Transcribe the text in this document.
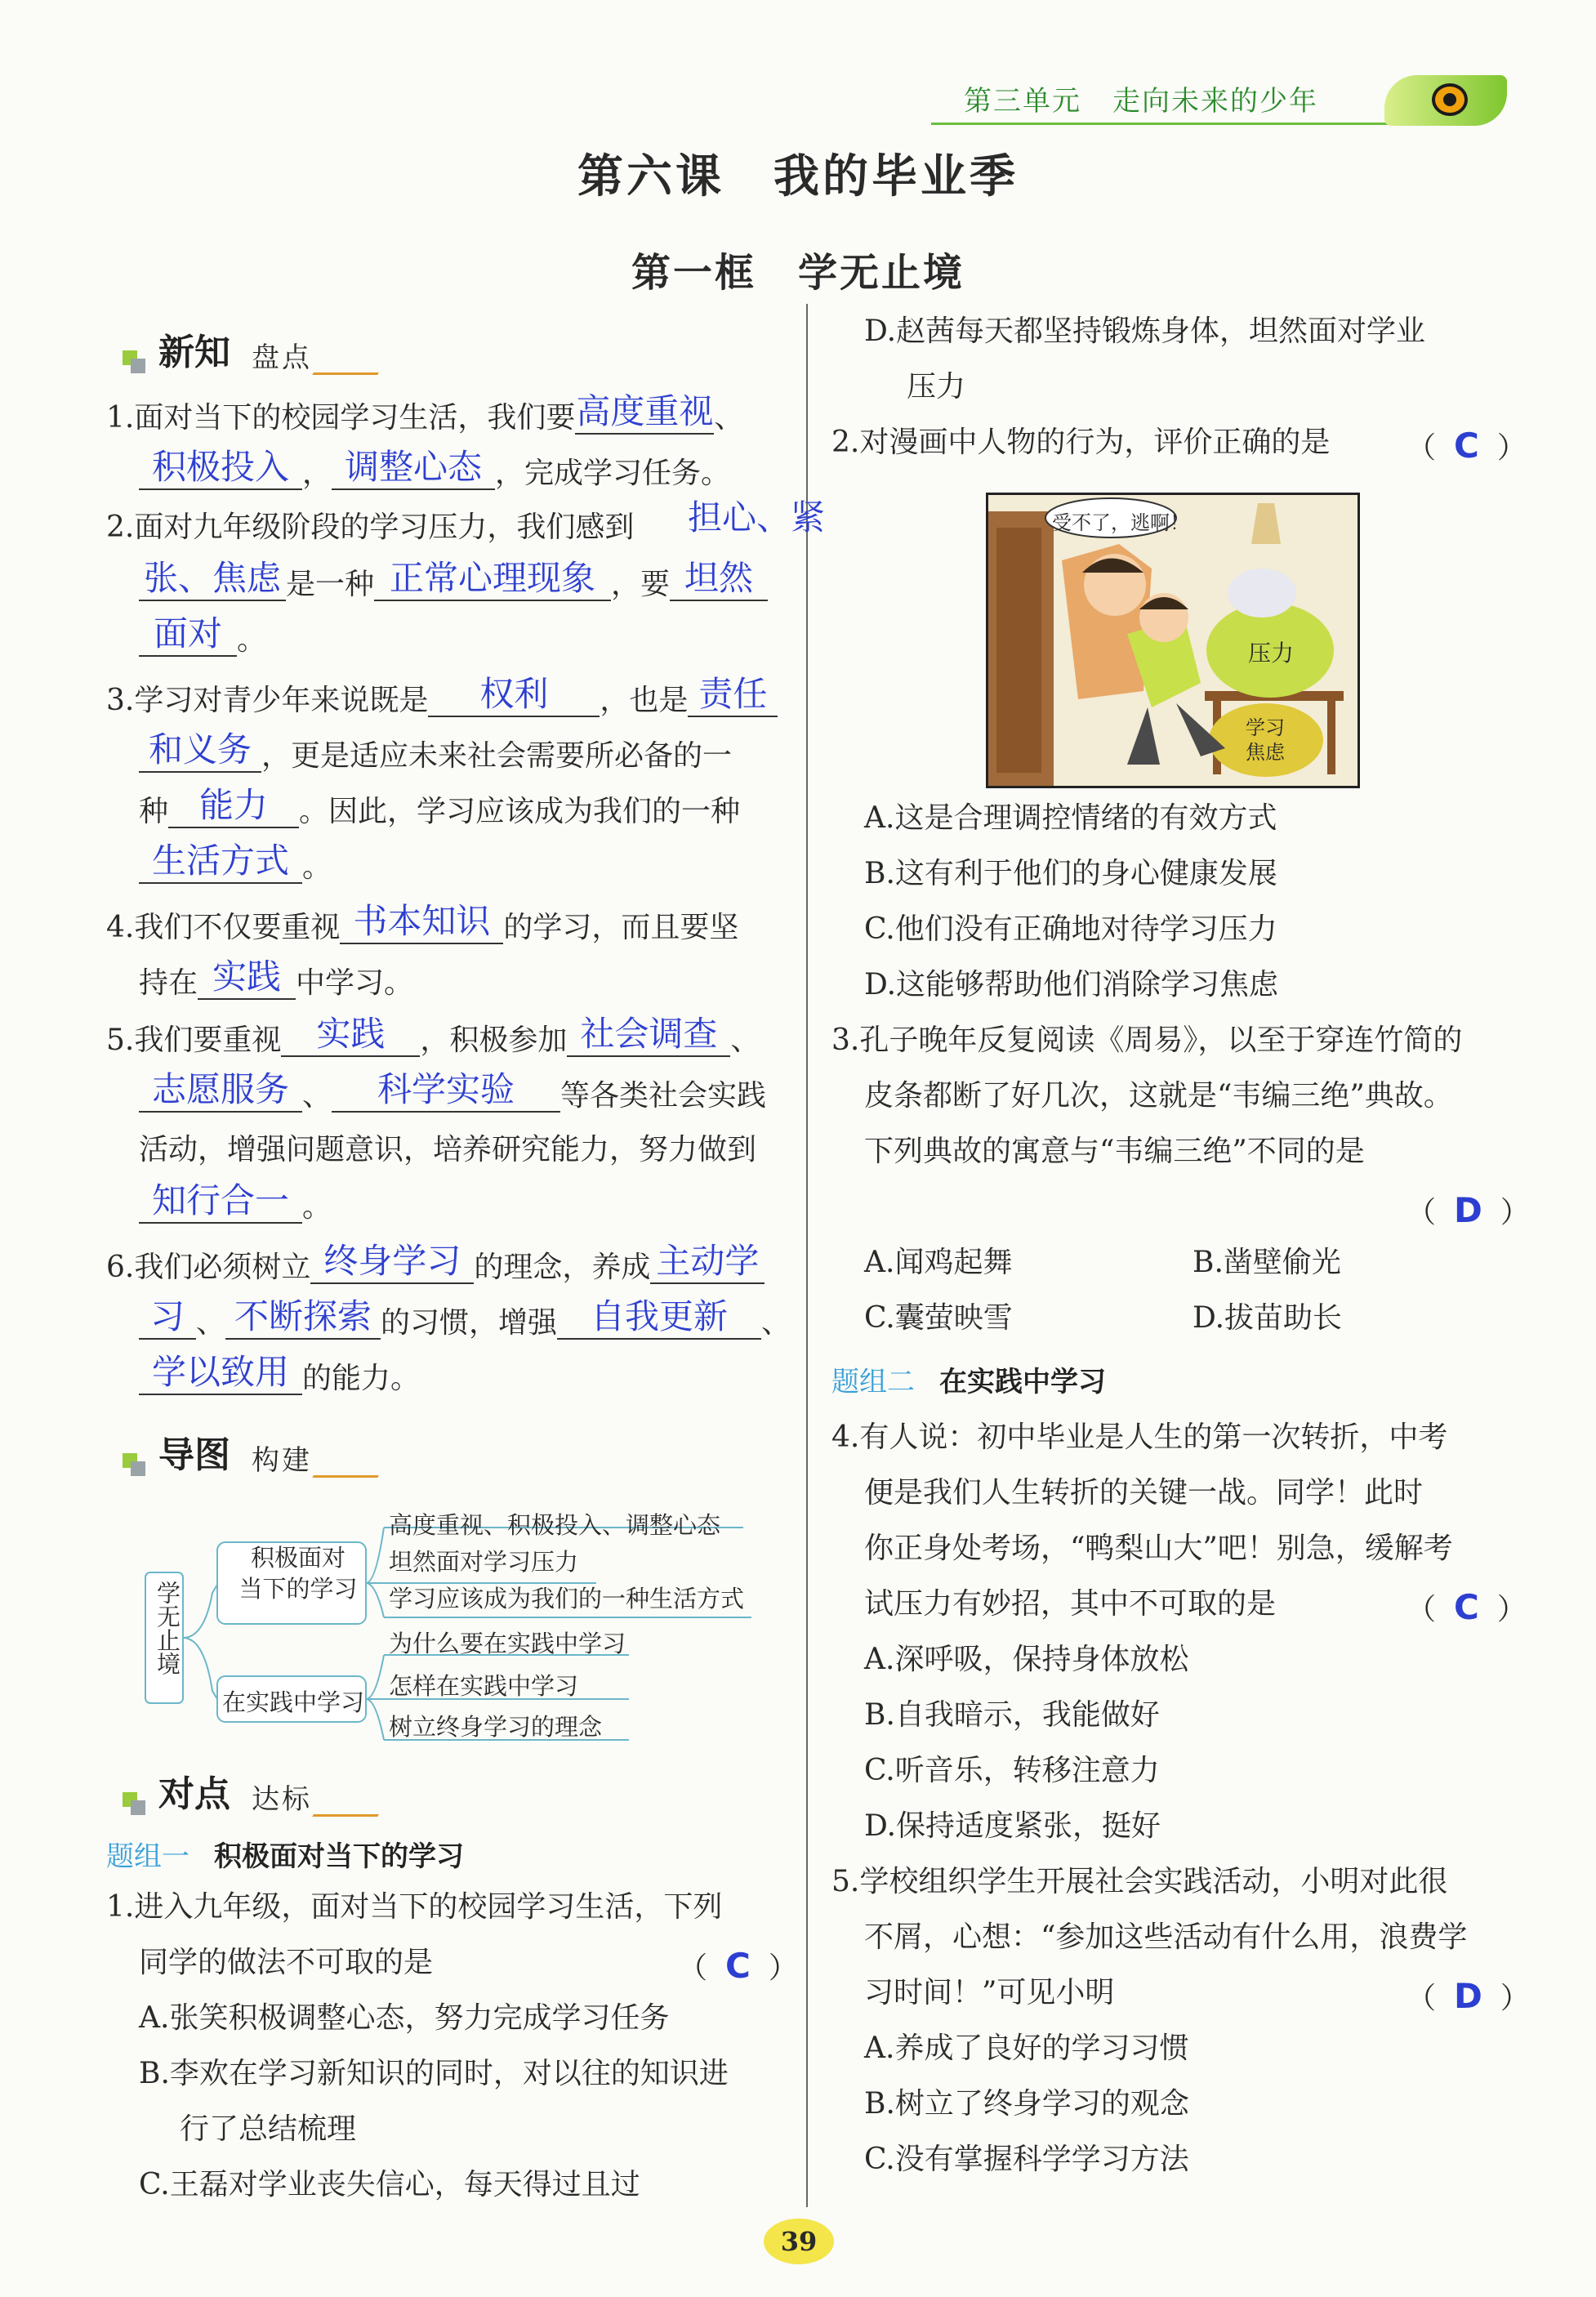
第三单元 走向未来的少年
第六课　我的毕业季
第一框　学无止境
新知 盘点
1.面对当下的校园学习生活，我们要 高度重视 、
积极投入 ， 调整心态 ，完成学习任务。
2.面对九年级阶段的学习压力，我们感到 担心、紧
张、焦虑 是一种 正常心理现象 ，要 坦然
面对 。
3.学习对青少年来说既是	权利	，也是 责任
和义务 ，更是适应未来社会需要所必备的一
种 能力	。因此，学习应该成为我们的一种
生活方式 。
4.我们不仅要重视 书本知识 的学习，而且要坚
持在 实践 中学习。
5.我们要重视	实践	，积极参加 社会调查 、
志愿服务 、	科学实验	等各类社会实践
活动，增强问题意识，培养研究能力，努力做到
知行合一 。
6.我们必须树立 终身学习 的理念，养成 主动学
习 、 不断探索 的习惯，增强 自我更新	、
学以致用 的能力。
导图 构建
学无止境
积极面对
当下的学习
在实践中学习
高度重视、积极投入、调整心态
坦然面对学习压力
学习应该成为我们的一种生活方式
为什么要在实践中学习
怎样在实践中学习
树立终身学习的理念
对点 达标
题组一 积极面对当下的学习
1.进入九年级，面对当下的校园学习生活，下列
同学的做法不可取的是	（ C ）
A.张笑积极调整心态，努力完成学习任务
B.李欢在学习新知识的同时，对以往的知识进
行了总结梳理
C.王磊对学业丧失信心，每天得过且过
D.赵茜每天都坚持锻炼身体，坦然面对学业
压力
2.对漫画中人物的行为，评价正确的是	（ C ）
受不了，逃啊！
压力
学习
焦虑
A.这是合理调控情绪的有效方式
B.这有利于他们的身心健康发展
C.他们没有正确地对待学习压力
D.这能够帮助他们消除学习焦虑
3.孔子晚年反复阅读《周易》，以至于穿连竹简的
皮条都断了好几次，这就是“韦编三绝”典故。
下列典故的寓意与“韦编三绝”不同的是
（ D ）
A.闻鸡起舞	B.凿壁偷光
C.囊萤映雪	D.拔苗助长
题组二 在实践中学习
4.有人说：初中毕业是人生的第一次转折，中考
便是我们人生转折的关键一战。同学！此时
你正身处考场，“鸭梨山大”吧！别急，缓解考
试压力有妙招，其中不可取的是	（ C ）
A.深呼吸，保持身体放松
B.自我暗示，我能做好
C.听音乐，转移注意力
D.保持适度紧张，挺好
5.学校组织学生开展社会实践活动，小明对此很
不屑，心想：“参加这些活动有什么用，浪费学
习时间！”可见小明	（ D ）
A.养成了良好的学习习惯
B.树立了终身学习的观念
C.没有掌握科学学习方法
39
